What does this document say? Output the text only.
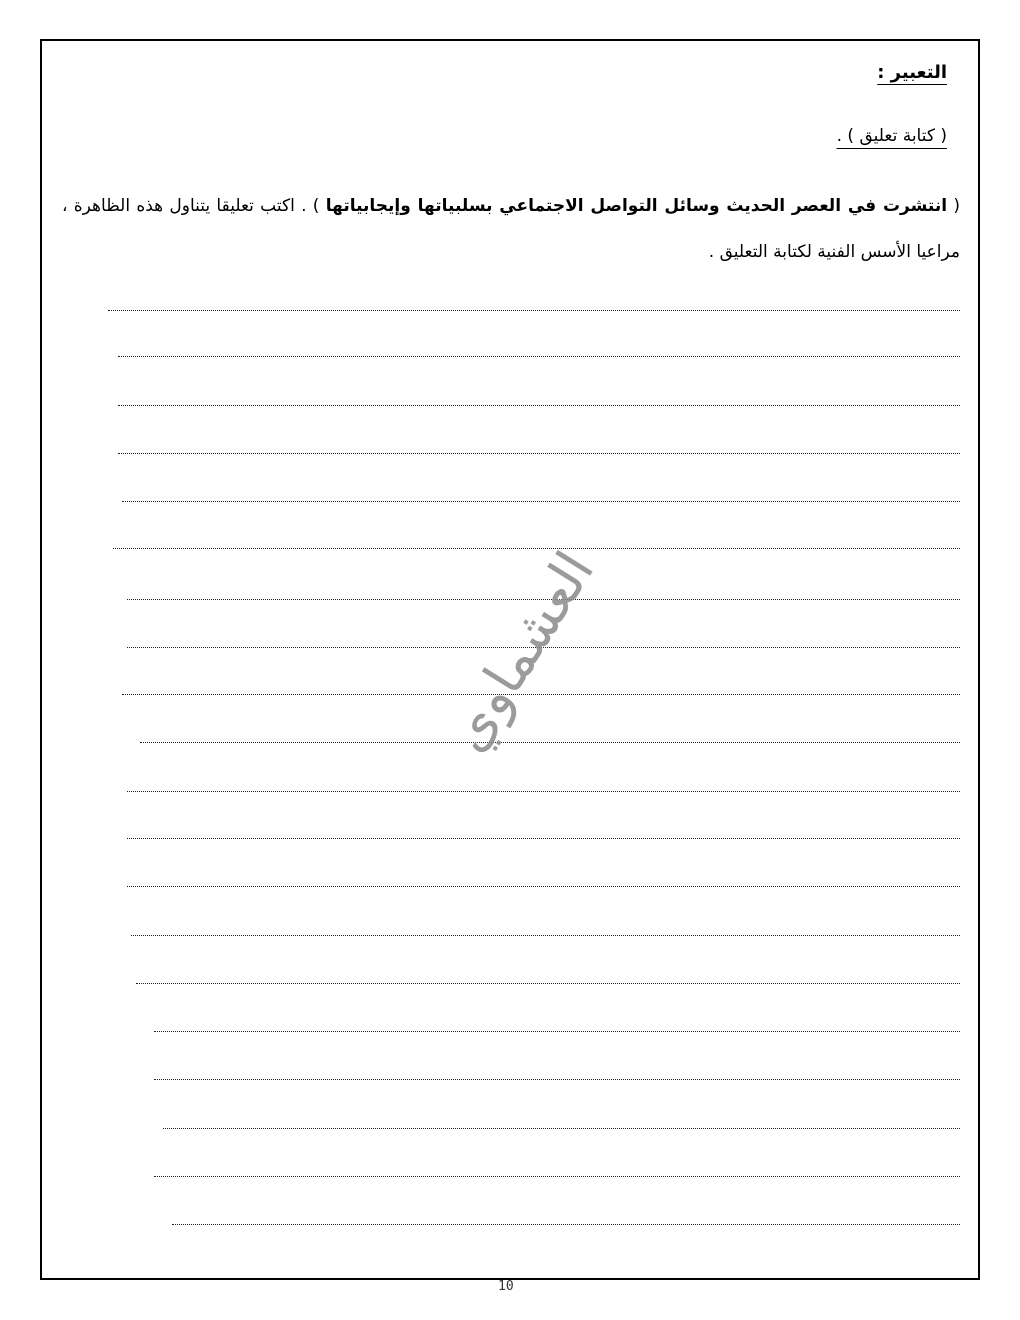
التعبير :
( كتابة تعليق ) .
( انتشرت في العصر الحديث وسائل التواصل الاجتماعي بسلبياتها وإيجابياتها ) . اكتب تعليقا يتناول هذه الظاهرة ، مراعيا الأسس الفنية لكتابة التعليق .
العشماوي
10
